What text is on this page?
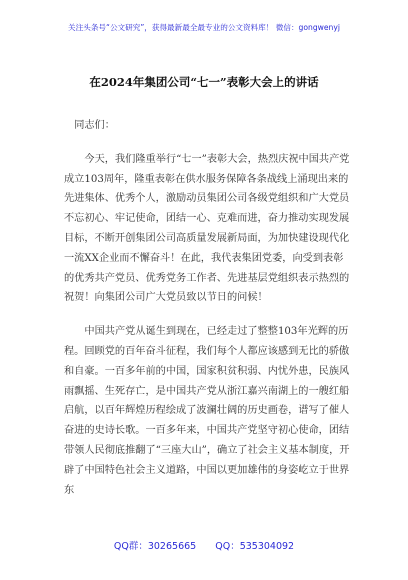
关注头条号“公文研究”，获得最新最全最专业的公文资料库！ 微信：gongwenyj
在2024年集团公司“七一”表彰大会上的讲话

同志们：

今天，我们隆重举行“七一”表彰大会，热烈庆祝中国共产党成立103周年，隆重表彰在供水服务保障各条战线上涌现出来的先进集体、优秀个人，激励动员集团公司各级党组织和广大党员不忘初心、牢记使命，团结一心、克难而进，奋力推动实现发展目标，不断开创集团公司高质量发展新局面，为加快建设现代化一流XX企业而不懈奋斗！在此，我代表集团党委，向受到表彰的优秀共产党员、优秀党务工作者、先进基层党组织表示热烈的祝贺！向集团公司广大党员致以节日的问候！

中国共产党从诞生到现在，已经走过了整整103年光辉的历程。回顾党的百年奋斗征程，我们每个人都应该感到无比的骄傲和自豪。一百多年前的中国，国家积贫积弱、内忧外患，民族风雨飘摇、生死存亡，是中国共产党从浙江嘉兴南湖上的一艘红船启航，以百年辉煌历程绘成了波澜壮阔的历史画卷，谱写了催人奋进的史诗长歌。一百多年来，中国共产党坚守初心使命，团结带领人民彻底推翻了“三座大山”，确立了社会主义基本制度，开辟了中国特色社会主义道路，中国以更加雄伟的身姿屹立于世界东

QQ群：30265665 QQ：535304092
